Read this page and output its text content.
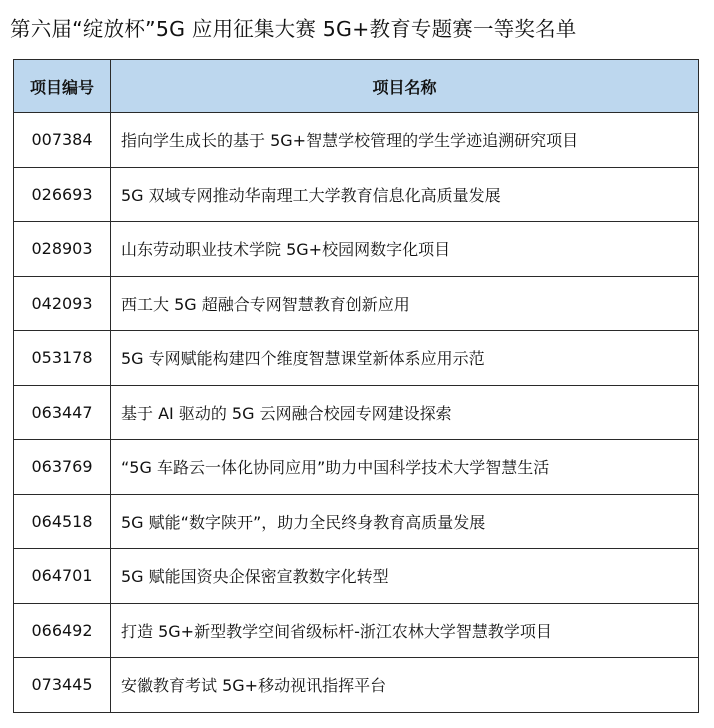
第六届“绽放杯”5G 应用征集大赛 5G+教育专题赛一等奖名单
项目编号	项目名称
007384	指向学生成长的基于 5G+智慧学校管理的学生学迹追溯研究项目
026693	5G 双域专网推动华南理工大学教育信息化高质量发展
028903	山东劳动职业技术学院 5G+校园网数字化项目
042093	西工大 5G 超融合专网智慧教育创新应用
053178	5G 专网赋能构建四个维度智慧课堂新体系应用示范
063447	基于 AI 驱动的 5G 云网融合校园专网建设探索
063769	“5G 车路云一体化协同应用”助力中国科学技术大学智慧生活
064518	5G 赋能“数字陕开”，助力全民终身教育高质量发展
064701	5G 赋能国资央企保密宣教数字化转型
066492	打造 5G+新型教学空间省级标杆-浙江农林大学智慧教学项目
073445	安徽教育考试 5G+移动视讯指挥平台
